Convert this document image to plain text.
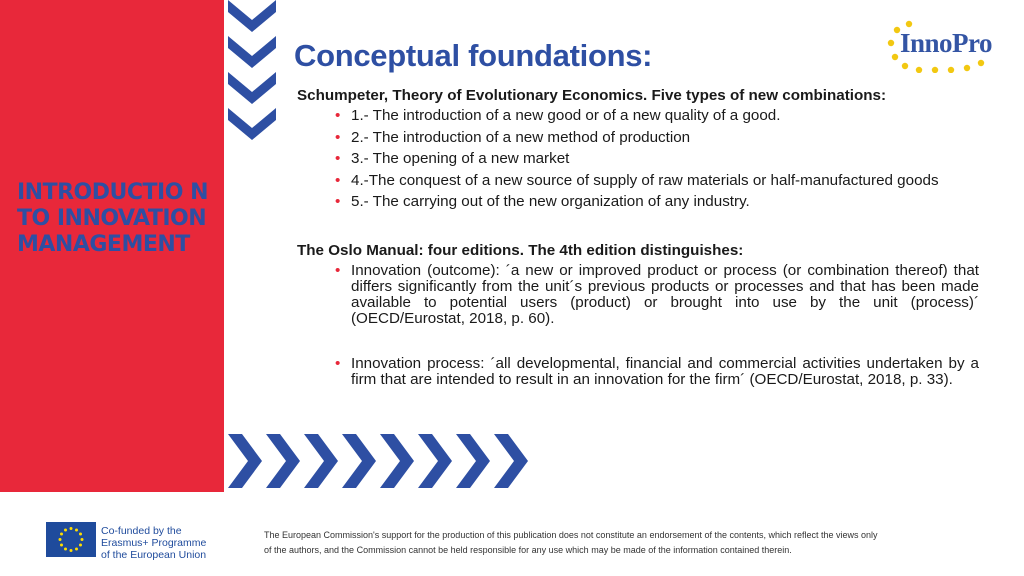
INTRODUCTIO N TO INNOVATION MANAGEMENT
InnoPro
Conceptual foundations:

Schumpeter, Theory of Evolutionary Economics. Five types of new combinations:

• 1.- The introduction of a new good or of a new quality of a good.
• 2.- The introduction of a new method of production
• 3.- The opening of a new market
• 4.-The conquest of a new source of supply of raw materials or half-manufactured goods
• 5.- The carrying out of the new organization of any industry.

The Oslo Manual: four editions. The 4th edition distinguishes:

• Innovation (outcome): ´a new or improved product or process (or combination thereof) that differs significantly from the unit´s previous products or processes and that has been made available to potential users (product) or brought into use by the unit (process)´ (OECD/Eurostat, 2018, p. 60).
• Innovation process: ´all developmental, financial and commercial activities undertaken by a firm that are intended to result in an innovation for the firm´ (OECD/Eurostat, 2018, p. 33).
Co-funded by the
Erasmus+ Programme
of the European Union
The European Commission's support for the production of this publication does not constitute an endorsement of the contents, which reflect the views only of the authors, and the Commission cannot be held responsible for any use which may be made of the information contained therein.
